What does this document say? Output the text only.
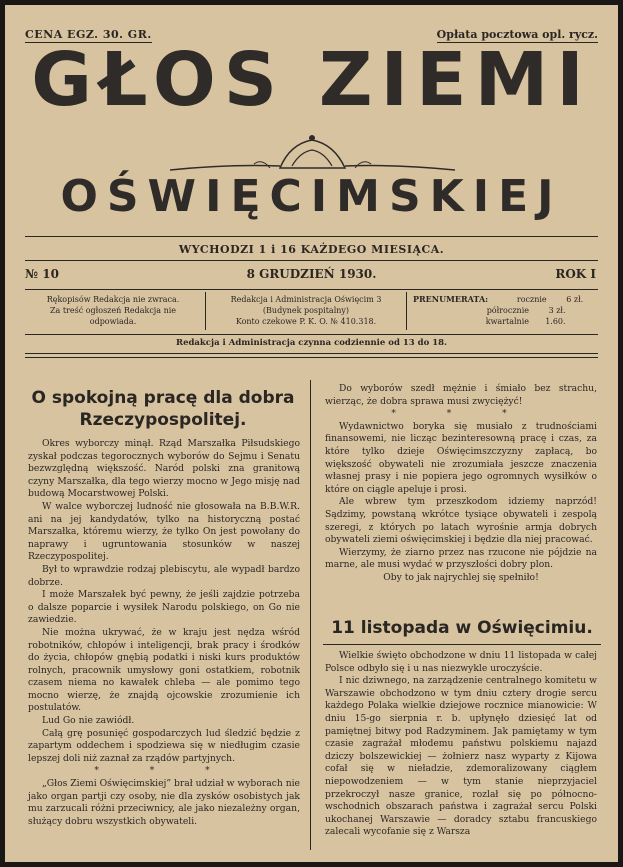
CENA EGZ. 30. GR.	Opłata pocztowa opl. rycz.
GŁOS ZIEMI
OŚWIĘCIMSKIEJ
WYCHODZI 1 i 16 KAŻDEGO MIESIĄCA.
№ 10	8 GRUDZIEŃ 1930.	ROK I
Rękopisów Redakcja nie zwraca.
Za treść ogłoszeń Redakcja nie
odpowiada.
Redakcja i Administracja Oświęcim 3
(Budynek pospitalny)
Konto czekowe P. K. O. № 410.318.
PRENUMERATA:	rocznie 6 zł.
półrocznie 3 zł.
kwartalnie 1.60.
Redakcja i Administracja czynna codziennie od 13 do 18.
O spokojną pracę dla dobra Rzeczypospolitej.

Okres wyborczy minął. Rząd Marszałka Piłsudskiego zyskał podczas tegorocznych wyborów do Sejmu i Senatu bezwzględną większość. Naród polski zna granitową czyny Marszałka, dla tego wierzy mocno w Jego misję nad budową Mocarstwowej Polski.

W walce wyborczej ludność nie głosowała na B.B.W.R. ani na jej kandydatów, tylko na historyczną postać Marszałka, któremu wierzy, że tylko On jest powołany do naprawy i ugruntowania stosunków w naszej Rzeczypospolitej.

Był to wprawdzie rodzaj plebiscytu, ale wypadł bardzo dobrze.

I może Marszałek być pewny, że jeśli zajdzie potrzeba o dalsze poparcie i wysiłek Narodu polskiego, on Go nie zawiedzie.

Nie można ukrywać, że w kraju jest nędza wśród robotników, chłopów i inteligencji, brak pracy i środków do życia, chłopów gnębią podatki i niski kurs produktów rolnych, pracownik umysłowy goni ostatkiem, robotnik czasem niema no kawałek chleba — ale pomimo tego mocno wierzę, że znajdą ojcowskie zrozumienie ich postulatów.

Lud Go nie zawiódł.

Całą grę posunięć gospodarczych lud śledzić będzie z zapartym oddechem i spodziewa się w niedługim czasie lepszej doli niż zaznał za rządów partyjnych.

* * *

„Głos Ziemi Oświęcimskiej” brał udział w wyborach nie jako organ partji czy osoby, nie dla zysków osobistych jak mu zarzucali różni przeciwnicy, ale jako niezależny organ, służący dobru wszystkich obywateli.

Do wyborów szedł mężnie i śmiało bez strachu, wierząc, że dobra sprawa musi zwyciężyć!

* * *

Wydawnictwo boryka się musiało z trudnościami finansowemi, nie licząc bezinteresowną pracę i czas, za które tylko dzieje Oświęcimszczyzny zapłacą, bo większość obywateli nie zrozumiała jeszcze znaczenia własnej prasy i nie popiera jego ogromnych wysiłków o które on ciągle apeluje i prosi.

Ale wbrew tym przeszkodom idziemy naprzód! Sądzimy, powstaną wkrótce tysiące obywateli i zespolą szeregi, z których po latach wyrośnie armja dobrych obywateli ziemi oświęcimskiej i będzie dla niej pracować.

Wierzymy, że ziarno przez nas rzucone nie pójdzie na marne, ale musi wydać w przyszłości dobry plon.

Oby to jak najrychlej się spełniło!

11 listopada w Oświęcimiu.

Wielkie święto obchodzone w dniu 11 listopada w całej Polsce odbyło się i u nas niezwykle uroczyście.

I nic dziwnego, na zarządzenie centralnego komitetu w Warszawie obchodzono w tym dniu cztery drogie sercu każdego Polaka wielkie dziejowe rocznice mianowicie: W dniu 15-go sierpnia r. b. upłynęło dziesięć lat od pamiętnej bitwy pod Radzyminem. Jak pamiętamy w tym czasie zagrażał młodemu państwu polskiemu najazd dziczy bolszewickiej — żołnierz nasz wyparty z Kijowa cofał się w nieładzie, zdemoralizowany ciągłem niepowodzeniem — w tym stanie nieprzyjaciel przekroczył nasze granice, rozlał się po północno-wschodnich obszarach państwa i zagrażał sercu Polski ukochanej Warszawie — doradcy sztabu francuskiego zalecali wycofanie się z Warsza
